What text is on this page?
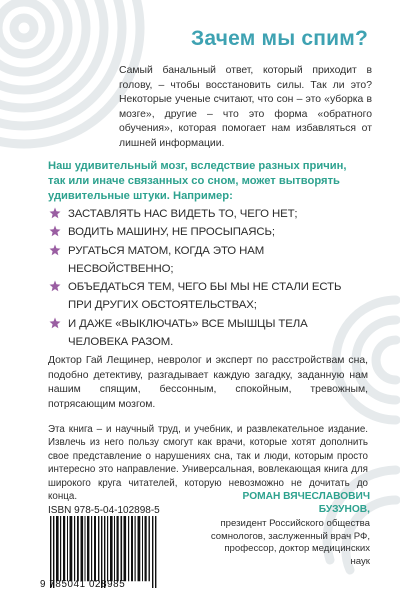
Зачем мы спим?
Самый банальный ответ, который приходит в голову, – чтобы восстановить силы. Так ли это? Некоторые ученые считают, что сон – это «уборка в мозге», другие – что это форма «обратного обучения», которая помогает нам избавляться от лишней информации.
Наш удивительный мозг, вследствие разных причин, так или иначе связанных со сном, может вытворять удивительные штуки. Например:
ЗАСТАВЛЯТЬ НАС ВИДЕТЬ ТО, ЧЕГО НЕТ;
ВОДИТЬ МАШИНУ, НЕ ПРОСЫПАЯСЬ;
РУГАТЬСЯ МАТОМ, КОГДА ЭТО НАМ НЕСВОЙСТВЕННО;
ОБЪЕДАТЬСЯ ТЕМ, ЧЕГО БЫ МЫ НЕ СТАЛИ ЕСТЬ ПРИ ДРУГИХ ОБСТОЯТЕЛЬСТВАХ;
И ДАЖЕ «ВЫКЛЮЧАТЬ» ВСЕ МЫШЦЫ ТЕЛА ЧЕЛОВЕКА РАЗОМ.
Доктор Гай Лещинер, невролог и эксперт по расстройствам сна, подобно детективу, разгадывает каждую загадку, заданную нам нашим спящим, бессонным, спокойным, тревожным, потрясающим мозгом.
Эта книга – и научный труд, и учебник, и развлекательное издание. Извлечь из него пользу смогут как врачи, которые хотят дополнить свое представление о нарушениях сна, так и люди, которым просто интересно это направление. Универсальная, вовлекающая книга для широкого круга читателей, которую невозможно не дочитать до конца.
ISBN 978-5-04-102898-5
9 785041 028985
РОМАН ВЯЧЕСЛАВОВИЧ БУЗУНОВ,
президент Российского общества сомнологов, заслуженный врач РФ, профессор, доктор медицинских наук
